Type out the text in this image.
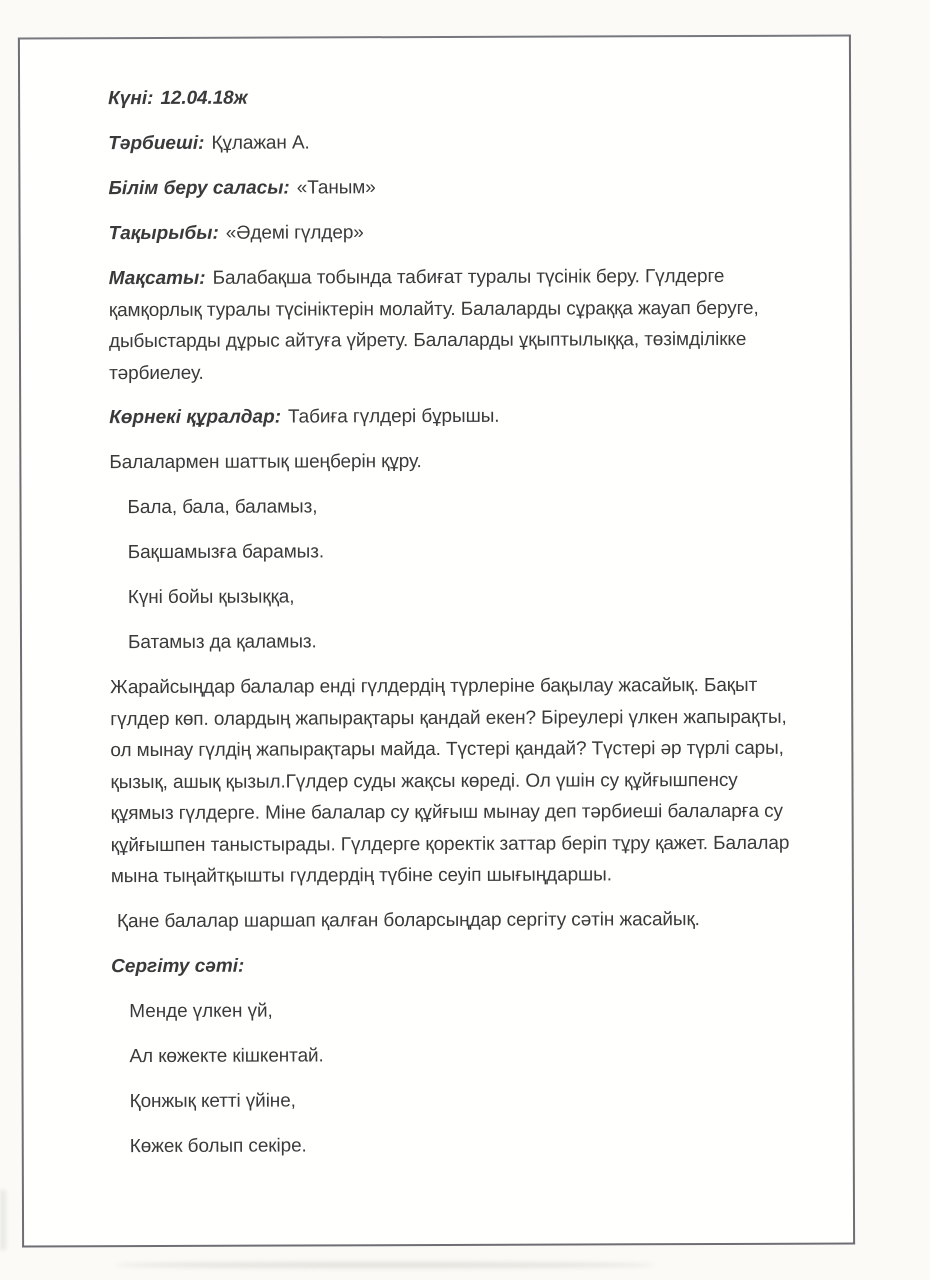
Күні: 12.04.18ж

Тәрбиеші: Құлажан А.

Білім беру саласы: «Таным»

Тақырыбы: «Әдемі гүлдер»

Мақсаты: Балабақша тобында табиғат туралы түсінік беру. Гүлдерге
қамқорлық туралы түсініктерін молайту. Балаларды сұраққа жауап беруге,
дыбыстарды дұрыс айтуға үйрету. Балаларды ұқыптылыққа, төзімділікке
тәрбиелеу.

Көрнекі құралдар: Табиға гүлдері бұрышы.

Балалармен шаттық шеңберін құру.

Бала, бала, баламыз,

Бақшамызға барамыз.

Күні бойы қызыққа,

Батамыз да қаламыз.

Жарайсыңдар балалар енді гүлдердің түрлеріне бақылау жасайық. Бақыт
гүлдер көп. олардың жапырақтары қандай екен? Біреулері үлкен жапырақты,
ол мынау гүлдің жапырақтары майда. Түстері қандай? Түстері әр түрлі сары,
қызық, ашық қызыл.Гүлдер суды жақсы көреді. Ол үшін су құйғышпенсу
құямыз гүлдерге. Міне балалар су құйғыш мынау деп тәрбиеші балаларға су
құйғышпен таныстырады. Гүлдерге қоректік заттар беріп тұру қажет. Балалар
мына тыңайтқышты гүлдердің түбіне сеуіп шығыңдаршы.

Қане балалар шаршап қалған боларсыңдар сергіту сәтін жасайық.

Сергіту сәті:

Менде үлкен үй,

Ал көжекте кішкентай.

Қонжық кетті үйіне,

Көжек болып секіре.
